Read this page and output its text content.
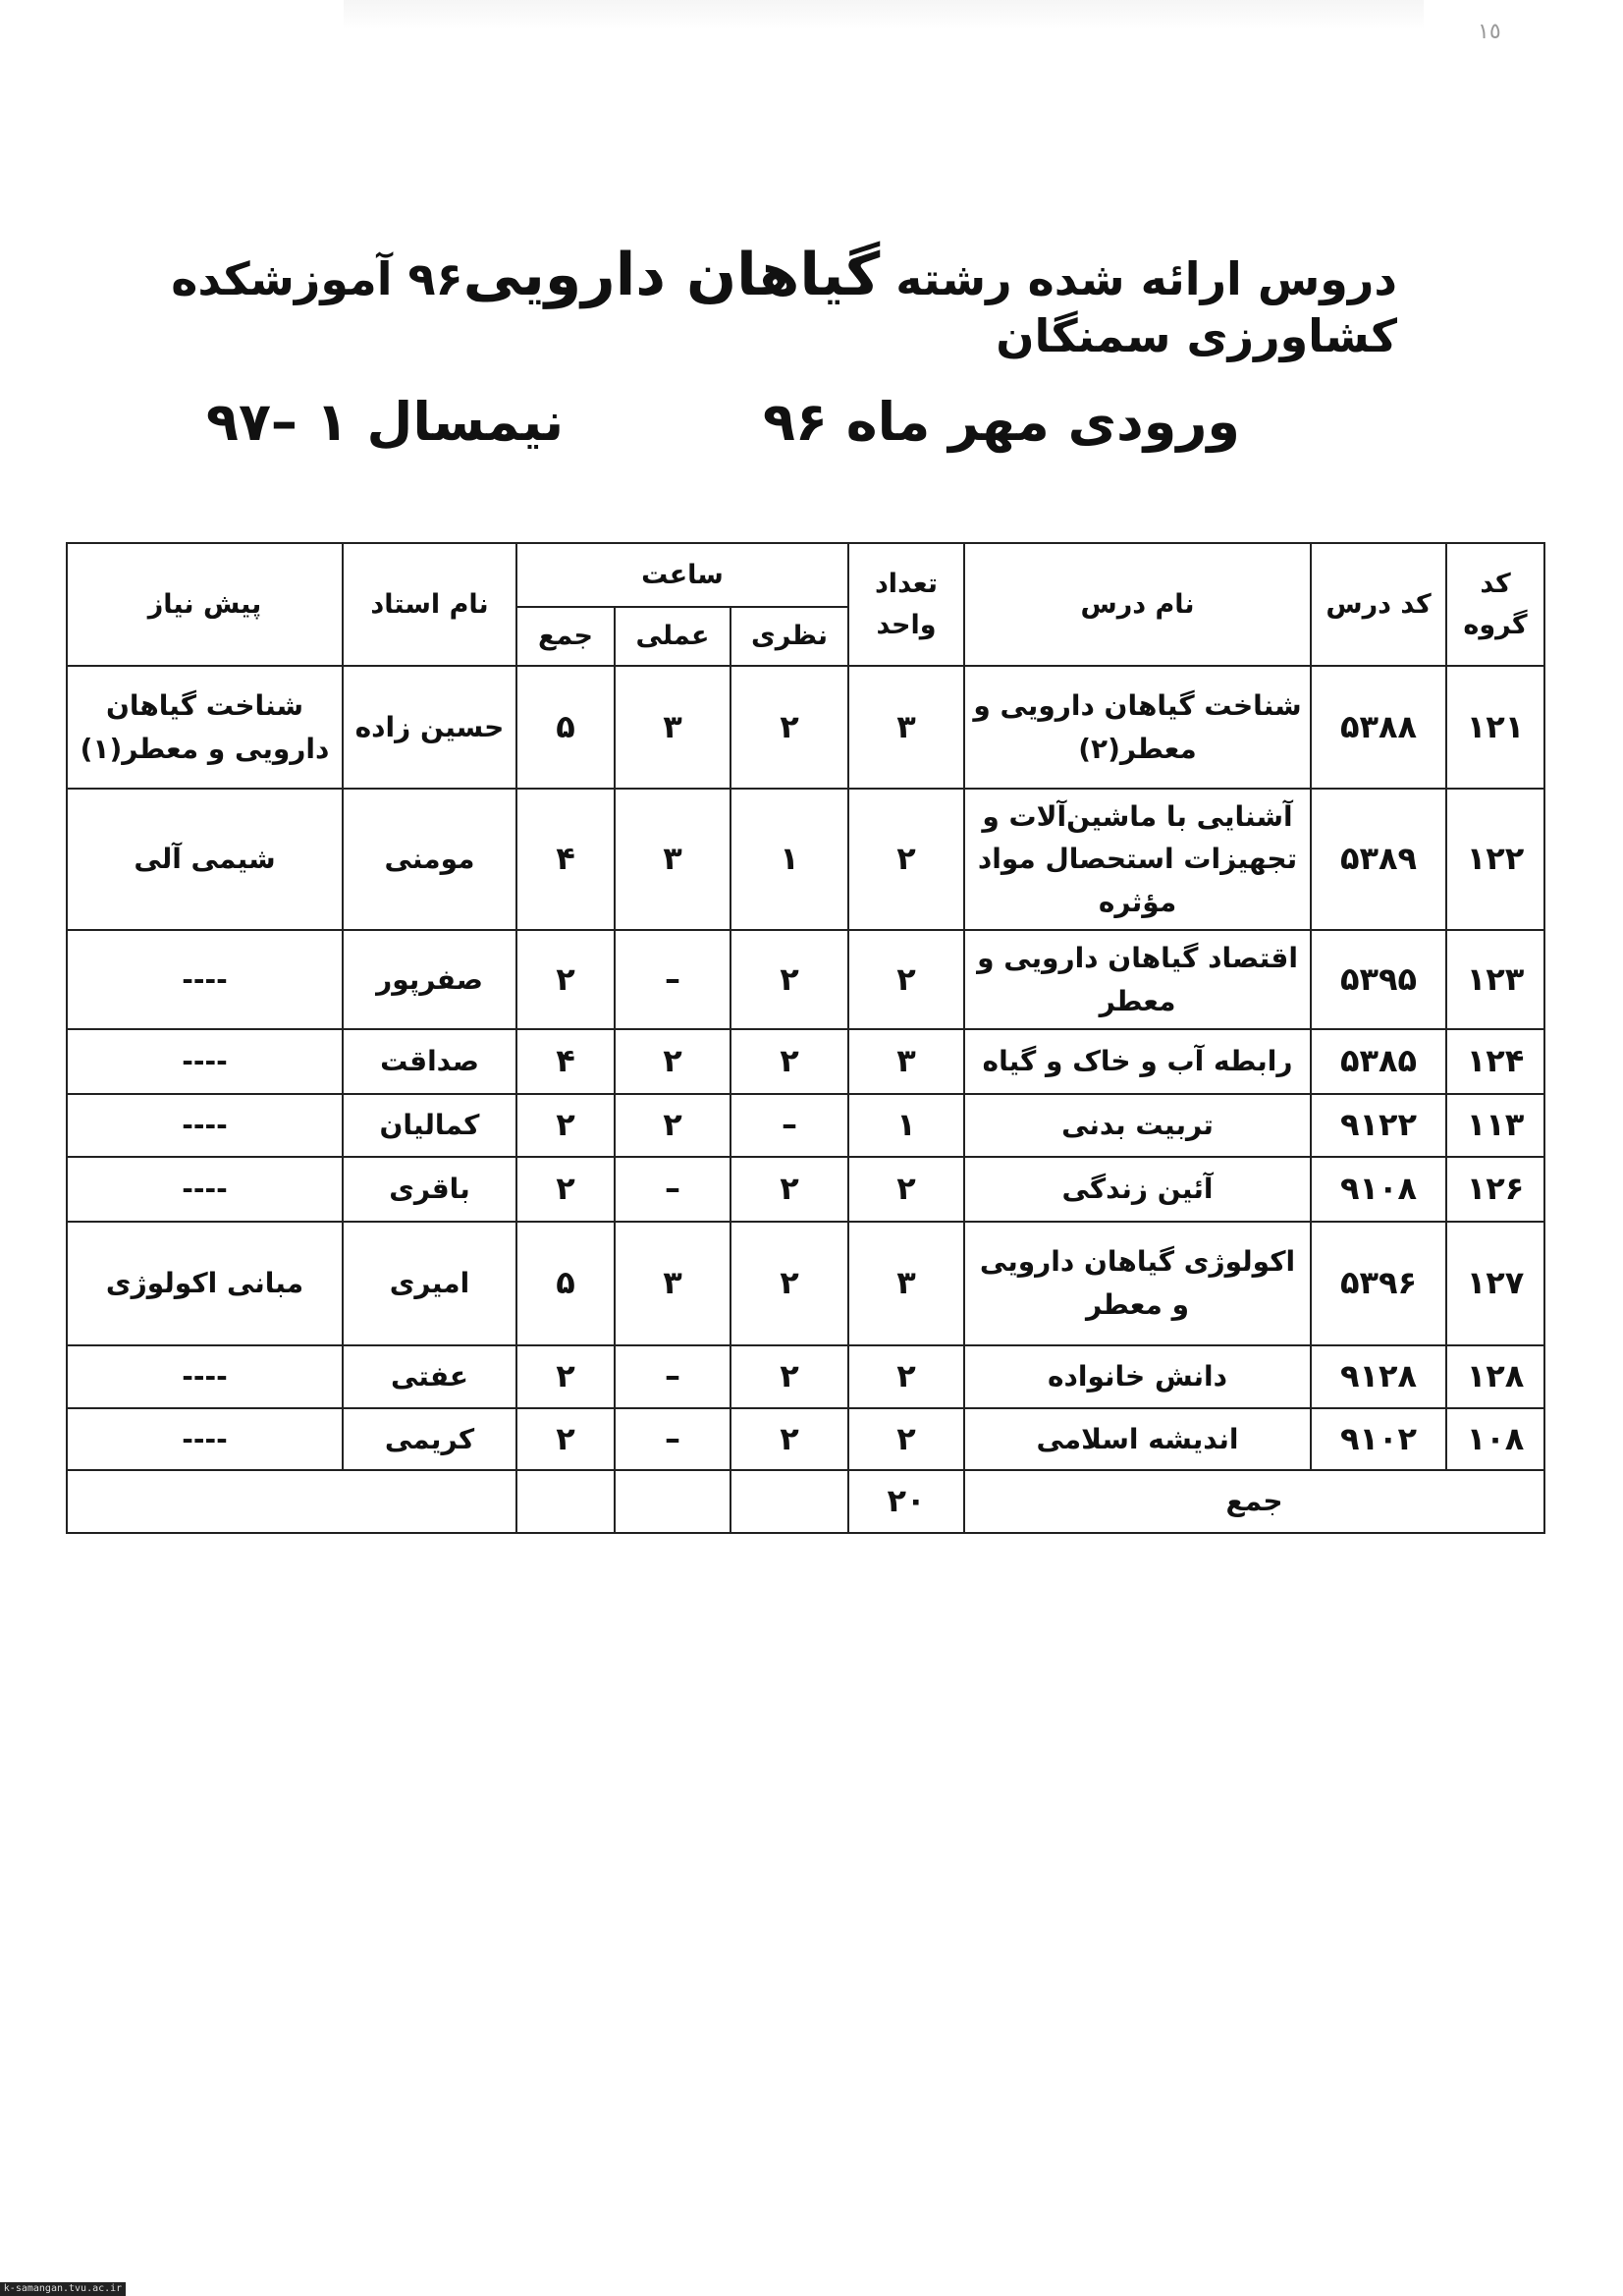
١٥
دروس ارائه شده رشته گیاهان دارویی۹۶ آموزشکده کشاورزی سمنگان
ورودی مهر ماه ۹۶
نیمسال ۱ –۹۷
کد گروه	کد درس	نام درس	تعداد واحد	ساعت			نام استاد	پیش نیاز
				نظری	عملی	جمع		
۱۲۱	۵۳۸۸	شناخت گیاهان دارویی و معطر(۲)	۳	۲	۳	۵	حسین زاده	شناخت گیاهان دارویی و معطر(۱)
۱۲۲	۵۳۸۹	آشنایی با ماشین‌آلات و تجهیزات استحصال مواد مؤثره	۲	۱	۳	۴	مومنی	شیمی آلی
۱۲۳	۵۳۹۵	اقتصاد گیاهان دارویی و معطر	۲	۲	–	۲	صفرپور	----
۱۲۴	۵۳۸۵	رابطه آب و خاک و گیاه	۳	۲	۲	۴	صداقت	----
۱۱۳	۹۱۲۲	تربیت بدنی	۱	–	۲	۲	کمالیان	----
۱۲۶	۹۱۰۸	آئین زندگی	۲	۲	–	۲	باقری	----
۱۲۷	۵۳۹۶	اکولوژی گیاهان دارویی و معطر	۳	۲	۳	۵	امیری	مبانی اکولوژی
۱۲۸	۹۱۲۸	دانش خانواده	۲	۲	–	۲	عفتی	----
۱۰۸	۹۱۰۲	اندیشه اسلامی	۲	۲	–	۲	کریمی	----
جمع			۲۰					
k-samangan.tvu.ac.ir
